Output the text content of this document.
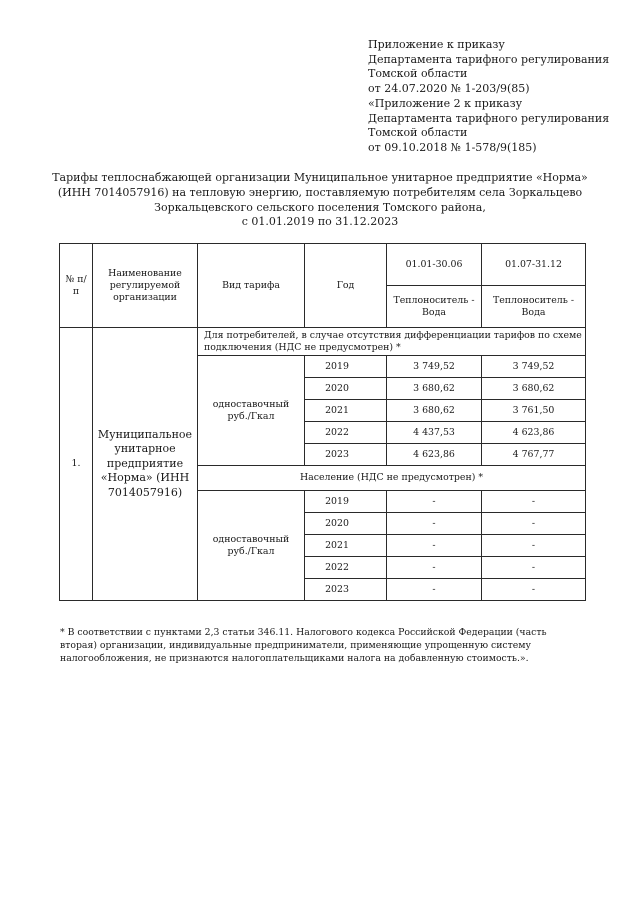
Приложение к приказу
Департамента тарифного регулирования
Томской области
от 24.07.2020 № 1-203/9(85)
«Приложение 2 к приказу
Департамента тарифного регулирования
Томской области
от 09.10.2018 № 1-578/9(185)
Тарифы теплоснабжающей организации Муниципальное унитарное предприятие «Норма»
(ИНН 7014057916) на тепловую энергию, поставляемую потребителям села Зоркальцево
Зоркальцевского сельского поселения Томского района,
с 01.01.2019 по 31.12.2023
№ п/п	Наименование регулируемой организации	Вид тарифа	Год	01.01-30.06	01.07-31.12
				Теплоноситель - Вода	Теплоноситель - Вода
1.	Муниципальное унитарное предприятие «Норма» (ИНН 7014057916)	Для потребителей, в случае отсутствия дифференциации тарифов по схеме подключения (НДС не предусмотрен) *			
		одноставочный руб./Гкал	2019	3 749,52	3 749,52
			2020	3 680,62	3 680,62
			2021	3 680,62	3 761,50
			2022	4 437,53	4 623,86
			2023	4 623,86	4 767,77
		Население (НДС не предусмотрен) *			
		одноставочный руб./Гкал	2019	-	-
			2020	-	-
			2021	-	-
			2022	-	-
			2023	-	-
* В соответствии с пунктами 2,3 статьи 346.11. Налогового кодекса Российской Федерации (часть вторая) организации, индивидуальные предприниматели, применяющие упрощенную систему налогообложения, не признаются налогоплательщиками налога на добавленную стоимость.».
